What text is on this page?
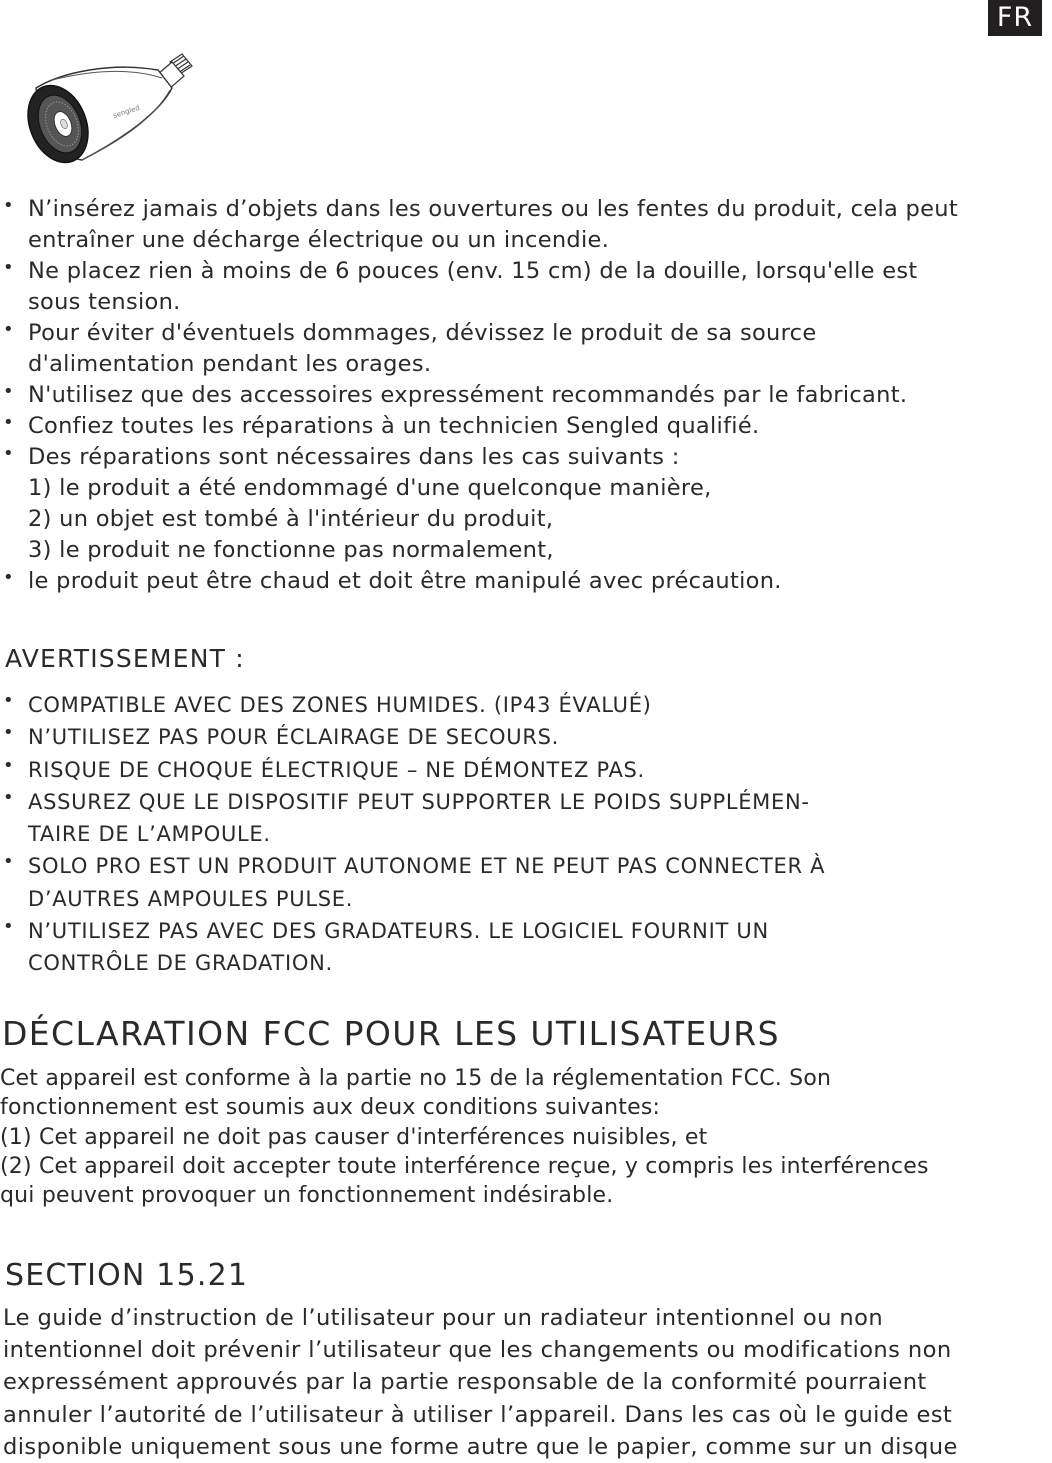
FR
sengled
• N’insérez jamais d’objets dans les ouvertures ou les fentes du produit, cela peut
entraîner une décharge électrique ou un incendie.
• Ne placez rien à moins de 6 pouces (env. 15 cm) de la douille, lorsqu'elle est
sous tension.
• Pour éviter d'éventuels dommages, dévissez le produit de sa source
d'alimentation pendant les orages.
• N'utilisez que des accessoires expressément recommandés par le fabricant.
• Confiez toutes les réparations à un technicien Sengled qualifié.
• Des réparations sont nécessaires dans les cas suivants :
1) le produit a été endommagé d'une quelconque manière,
2) un objet est tombé à l'intérieur du produit,
3) le produit ne fonctionne pas normalement,
• le produit peut être chaud et doit être manipulé avec précaution.
AVERTISSEMENT :
• COMPATIBLE AVEC DES ZONES HUMIDES. (IP43 ÉVALUÉ)
• N’UTILISEZ PAS POUR ÉCLAIRAGE DE SECOURS.
• RISQUE DE CHOQUE ÉLECTRIQUE – NE DÉMONTEZ PAS.
• ASSUREZ QUE LE DISPOSITIF PEUT SUPPORTER LE POIDS SUPPLÉMEN-
TAIRE DE L’AMPOULE.
• SOLO PRO EST UN PRODUIT AUTONOME ET NE PEUT PAS CONNECTER À
D’AUTRES AMPOULES PULSE.
• N’UTILISEZ PAS AVEC DES GRADATEURS. LE LOGICIEL FOURNIT UN
CONTRÔLE DE GRADATION.
DÉCLARATION FCC POUR LES UTILISATEURS

Cet appareil est conforme à la partie no 15 de la réglementation FCC. Son
fonctionnement est soumis aux deux conditions suivantes:
(1) Cet appareil ne doit pas causer d'interférences nuisibles, et
(2) Cet appareil doit accepter toute interférence reçue, y compris les interférences
qui peuvent provoquer un fonctionnement indésirable.

SECTION 15.21

Le guide d’instruction de l’utilisateur pour un radiateur intentionnel ou non
intentionnel doit prévenir l’utilisateur que les changements ou modifications non
expressément approuvés par la partie responsable de la conformité pourraient
annuler l’autorité de l’utilisateur à utiliser l’appareil. Dans les cas où le guide est
disponible uniquement sous une forme autre que le papier, comme sur un disque
